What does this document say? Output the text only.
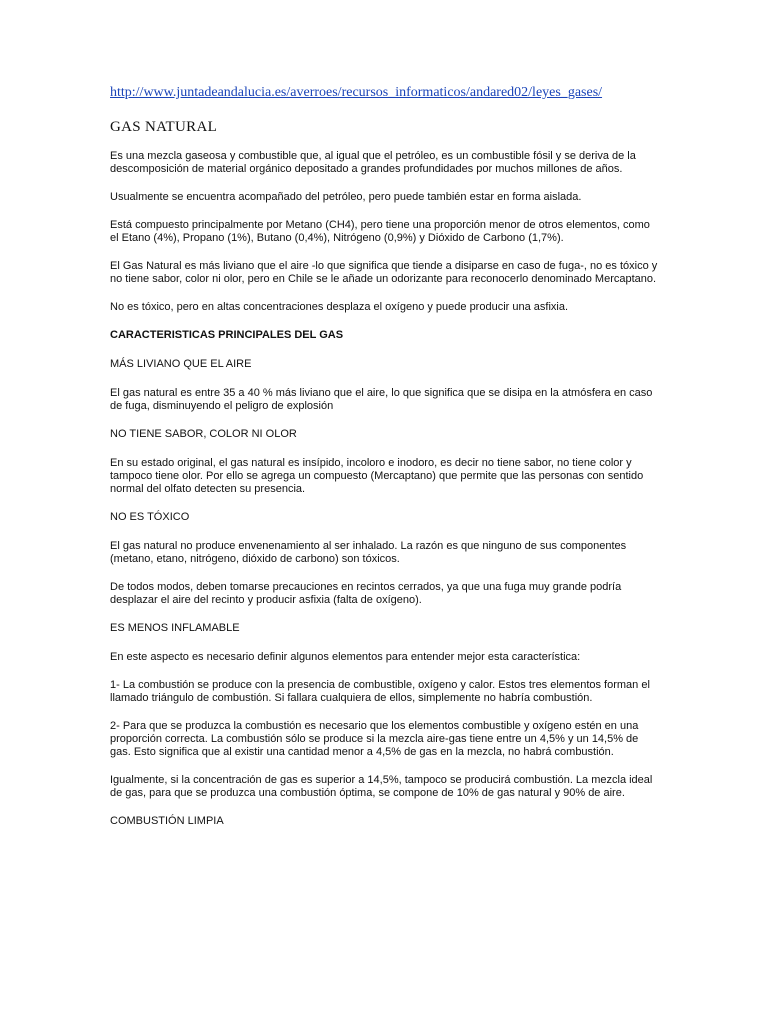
http://www.juntadeandalucia.es/averroes/recursos_informaticos/andared02/leyes_gases/
GAS NATURAL

Es una mezcla gaseosa y combustible que, al igual que el petróleo, es un combustible fósil y se deriva de la descomposición de material orgánico depositado a grandes profundidades por muchos millones de años.

Usualmente se encuentra acompañado del petróleo, pero puede también estar en forma aislada.

Está compuesto principalmente por Metano (CH4), pero tiene una proporción menor de otros elementos, como el Etano (4%), Propano (1%), Butano (0,4%), Nitrógeno (0,9%) y Dióxido de Carbono (1,7%).

El Gas Natural es más liviano que el aire -lo que significa que tiende a disiparse en caso de fuga-, no es tóxico y no tiene sabor, color ni olor, pero en Chile se le añade un odorizante para reconocerlo denominado Mercaptano.

No es tóxico, pero en altas concentraciones desplaza el oxígeno y puede producir una asfixia.

CARACTERISTICAS PRINCIPALES DEL GAS
MÁS LIVIANO QUE EL AIRE

El gas natural es entre 35 a 40 % más liviano que el aire, lo que significa que se disipa en la atmósfera en caso de fuga, disminuyendo el peligro de explosión

NO TIENE SABOR, COLOR NI OLOR

En su estado original, el gas natural es insípido, incoloro e inodoro, es decir no tiene sabor, no tiene color y tampoco tiene olor. Por ello se agrega un compuesto (Mercaptano) que permite que las personas con sentido normal del olfato detecten su presencia.

NO ES TÓXICO

El gas natural no produce envenenamiento al ser inhalado. La razón es que ninguno de sus componentes (metano, etano, nitrógeno, dióxido de carbono) son tóxicos.

De todos modos, deben tomarse precauciones en recintos cerrados, ya que una fuga muy grande podría desplazar el aire del recinto y producir asfixia (falta de oxígeno).

ES MENOS INFLAMABLE

En este aspecto es necesario definir algunos elementos para entender mejor esta característica:

1- La combustión se produce con la presencia de combustible, oxígeno y calor. Estos tres elementos forman el llamado triángulo de combustión. Si fallara cualquiera de ellos, simplemente no habría combustión.

2- Para que se produzca la combustión es necesario que los elementos combustible y oxígeno estén en una proporción correcta. La combustión sólo se produce si la mezcla aire-gas tiene entre un 4,5% y un 14,5% de gas. Esto significa que al existir una cantidad menor a 4,5% de gas en la mezcla, no habrá combustión.

Igualmente, si la concentración de gas es superior a 14,5%, tampoco se producirá combustión. La mezcla ideal de gas, para que se produzca una combustión óptima, se compone de 10% de gas natural y 90% de aire.

COMBUSTIÓN LIMPIA
